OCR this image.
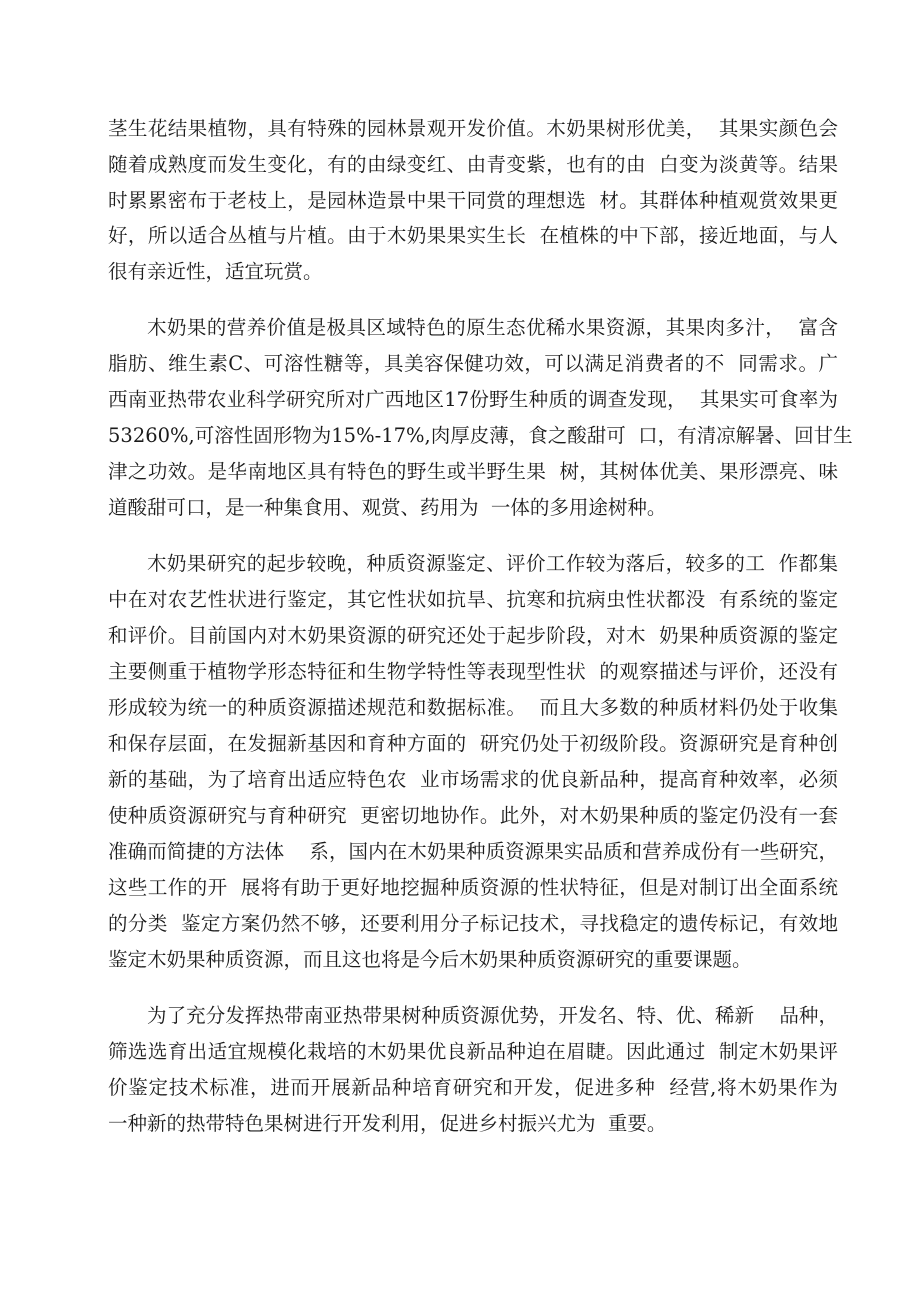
茎生花结果植物，具有特殊的园林景观开发价值。木奶果树形优美，  其果实颜色会
随着成熟度而发生变化，有的由绿变红、由青变紫，也有的由  白变为淡黄等。结果
时累累密布于老枝上，是园林造景中果干同赏的理想选  材。其群体种植观赏效果更
好，所以适合丛植与片植。由于木奶果果实生长  在植株的中下部，接近地面，与人
很有亲近性，适宜玩赏。
木奶果的营养价值是极具区域特色的原生态优稀水果资源，其果肉多汁，  富含
脂肪、维生素C、可溶性糖等，具美容保健功效，可以满足消费者的不  同需求。广
西南亚热带农业科学研究所对广西地区17份野生种质的调查发现，  其果实可食率为
53260%,可溶性固形物为15%-17%,肉厚皮薄，食之酸甜可  口，有清凉解暑、回甘生
津之功效。是华南地区具有特色的野生或半野生果  树，其树体优美、果形漂亮、味
道酸甜可口，是一种集食用、观赏、药用为  一体的多用途树种。
木奶果研究的起步较晚，种质资源鉴定、评价工作较为落后，较多的工  作都集
中在对农艺性状进行鉴定，其它性状如抗旱、抗寒和抗病虫性状都没  有系统的鉴定
和评价。目前国内对木奶果资源的研究还处于起步阶段，对木  奶果种质资源的鉴定
主要侧重于植物学形态特征和生物学特性等表现型性状  的观察描述与评价，还没有
形成较为统一的种质资源描述规范和数据标准。  而且大多数的种质材料仍处于收集
和保存层面，在发掘新基因和育种方面的  研究仍处于初级阶段。资源研究是育种创
新的基础，为了培育出适应特色农  业市场需求的优良新品种，提高育种效率，必须
使种质资源研究与育种研究  更密切地协作。此外，对木奶果种质的鉴定仍没有一套
准确而简捷的方法体    系，国内在木奶果种质资源果实品质和营养成份有一些研究，
这些工作的开  展将有助于更好地挖掘种质资源的性状特征，但是对制订出全面系统
的分类  鉴定方案仍然不够，还要利用分子标记技术，寻找稳定的遗传标记，有效地
鉴定木奶果种质资源，而且这也将是今后木奶果种质资源研究的重要课题。
为了充分发挥热带南亚热带果树种质资源优势，开发名、特、优、稀新    品种，
筛选选育出适宜规模化栽培的木奶果优良新品种迫在眉睫。因此通过  制定木奶果评
价鉴定技术标准，进而开展新品种培育研究和开发，促进多种  经营,将木奶果作为
一种新的热带特色果树进行开发利用，促进乡村振兴尤为  重要。
